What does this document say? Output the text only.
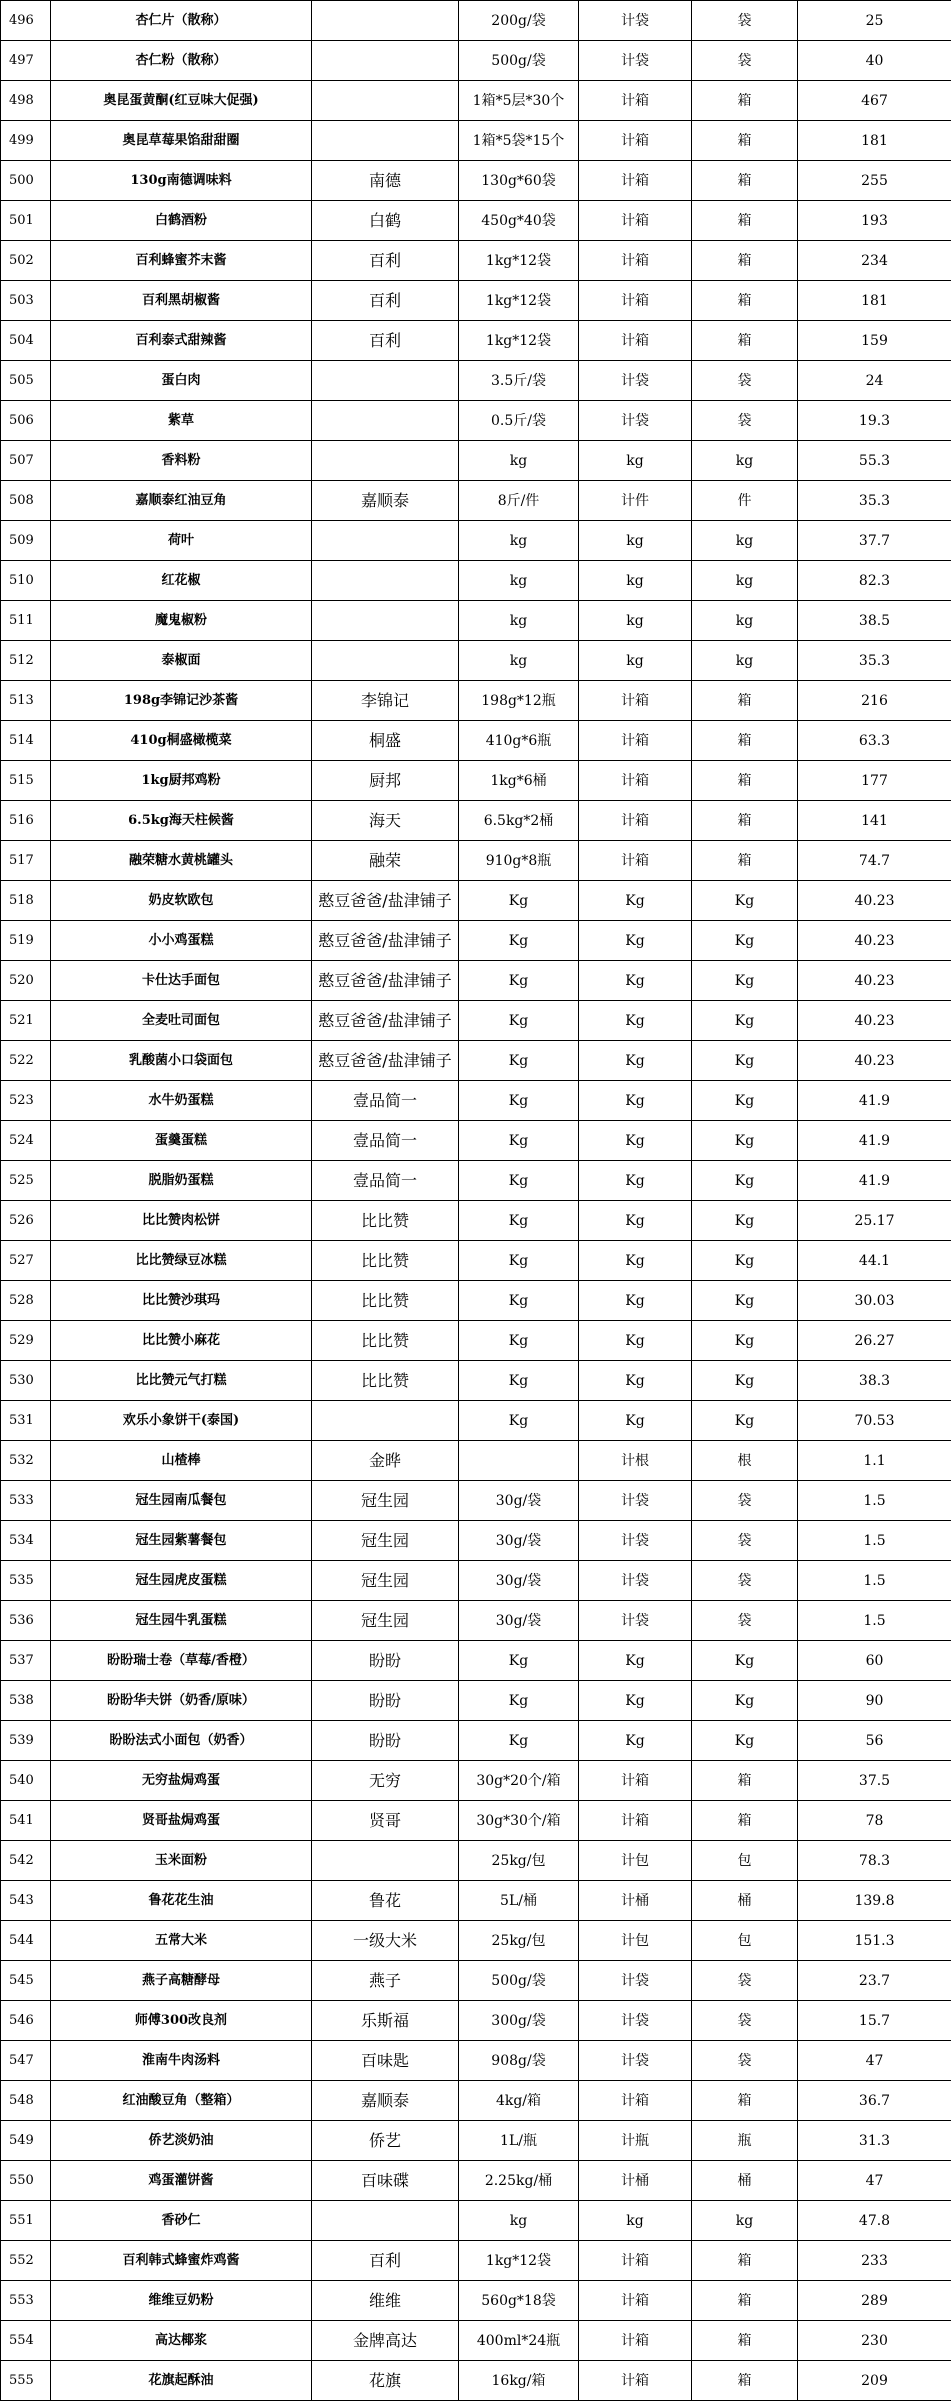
496	杏仁片（散称）		200g/袋	计袋	袋	25
497	杏仁粉（散称）		500g/袋	计袋	袋	40
498	奥昆蛋黄酮(红豆味大促强)		1箱*5层*30个	计箱	箱	467
499	奥昆草莓果馅甜甜圈		1箱*5袋*15个	计箱	箱	181
500	130g南德调味料	南德	130g*60袋	计箱	箱	255
501	白鹤酒粉	白鹤	450g*40袋	计箱	箱	193
502	百利蜂蜜芥末酱	百利	1kg*12袋	计箱	箱	234
503	百利黑胡椒酱	百利	1kg*12袋	计箱	箱	181
504	百利泰式甜辣酱	百利	1kg*12袋	计箱	箱	159
505	蛋白肉		3.5斤/袋	计袋	袋	24
506	紫草		0.5斤/袋	计袋	袋	19.3
507	香料粉		kg	kg	kg	55.3
508	嘉顺泰红油豆角	嘉顺泰	8斤/件	计件	件	35.3
509	荷叶		kg	kg	kg	37.7
510	红花椒		kg	kg	kg	82.3
511	魔鬼椒粉		kg	kg	kg	38.5
512	泰椒面		kg	kg	kg	35.3
513	198g李锦记沙茶酱	李锦记	198g*12瓶	计箱	箱	216
514	410g桐盛橄榄菜	桐盛	410g*6瓶	计箱	箱	63.3
515	1kg厨邦鸡粉	厨邦	1kg*6桶	计箱	箱	177
516	6.5kg海天柱候酱	海天	6.5kg*2桶	计箱	箱	141
517	融荣糖水黄桃罐头	融荣	910g*8瓶	计箱	箱	74.7
518	奶皮软欧包	憨豆爸爸/盐津铺子	Kg	Kg	Kg	40.23
519	小小鸡蛋糕	憨豆爸爸/盐津铺子	Kg	Kg	Kg	40.23
520	卡仕达手面包	憨豆爸爸/盐津铺子	Kg	Kg	Kg	40.23
521	全麦吐司面包	憨豆爸爸/盐津铺子	Kg	Kg	Kg	40.23
522	乳酸菌小口袋面包	憨豆爸爸/盐津铺子	Kg	Kg	Kg	40.23
523	水牛奶蛋糕	壹品简一	Kg	Kg	Kg	41.9
524	蛋羹蛋糕	壹品简一	Kg	Kg	Kg	41.9
525	脱脂奶蛋糕	壹品简一	Kg	Kg	Kg	41.9
526	比比赞肉松饼	比比赞	Kg	Kg	Kg	25.17
527	比比赞绿豆冰糕	比比赞	Kg	Kg	Kg	44.1
528	比比赞沙琪玛	比比赞	Kg	Kg	Kg	30.03
529	比比赞小麻花	比比赞	Kg	Kg	Kg	26.27
530	比比赞元气打糕	比比赞	Kg	Kg	Kg	38.3
531	欢乐小象饼干(泰国)		Kg	Kg	Kg	70.53
532	山楂棒	金晔		计根	根	1.1
533	冠生园南瓜餐包	冠生园	30g/袋	计袋	袋	1.5
534	冠生园紫薯餐包	冠生园	30g/袋	计袋	袋	1.5
535	冠生园虎皮蛋糕	冠生园	30g/袋	计袋	袋	1.5
536	冠生园牛乳蛋糕	冠生园	30g/袋	计袋	袋	1.5
537	盼盼瑞士卷（草莓/香橙）	盼盼	Kg	Kg	Kg	60
538	盼盼华夫饼（奶香/原味）	盼盼	Kg	Kg	Kg	90
539	盼盼法式小面包（奶香）	盼盼	Kg	Kg	Kg	56
540	无穷盐焗鸡蛋	无穷	30g*20个/箱	计箱	箱	37.5
541	贤哥盐焗鸡蛋	贤哥	30g*30个/箱	计箱	箱	78
542	玉米面粉		25kg/包	计包	包	78.3
543	鲁花花生油	鲁花	5L/桶	计桶	桶	139.8
544	五常大米	一级大米	25kg/包	计包	包	151.3
545	燕子高糖酵母	燕子	500g/袋	计袋	袋	23.7
546	师傅300改良剂	乐斯福	300g/袋	计袋	袋	15.7
547	淮南牛肉汤料	百味匙	908g/袋	计袋	袋	47
548	红油酸豆角（整箱）	嘉顺泰	4kg/箱	计箱	箱	36.7
549	侨艺淡奶油	侨艺	1L/瓶	计瓶	瓶	31.3
550	鸡蛋灌饼酱	百味碟	2.25kg/桶	计桶	桶	47
551	香砂仁		kg	kg	kg	47.8
552	百利韩式蜂蜜炸鸡酱	百利	1kg*12袋	计箱	箱	233
553	维维豆奶粉	维维	560g*18袋	计箱	箱	289
554	高达椰浆	金牌高达	400ml*24瓶	计箱	箱	230
555	花旗起酥油	花旗	16kg/箱	计箱	箱	209
